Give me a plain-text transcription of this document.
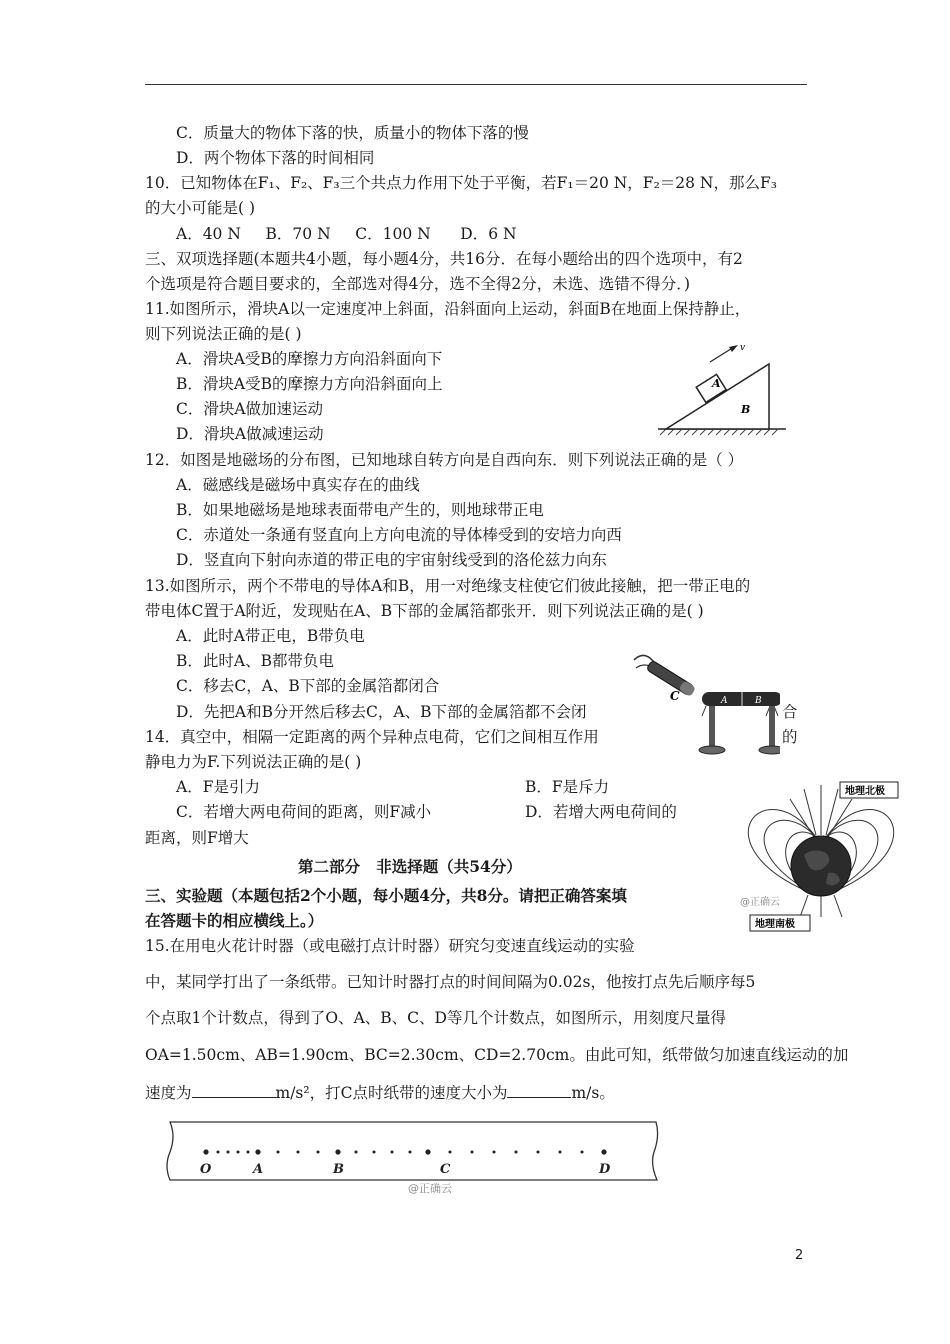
C．质量大的物体下落的快，质量小的物体下落的慢
D．两个物体下落的时间相同
10．已知物体在F₁、F₂、F₃三个共点力作用下处于平衡，若F₁＝20 N，F₂＝28 N，那么F₃
的大小可能是( )
A．40 N     B．70 N     C．100 N      D．6 N
三、双项选择题(本题共4小题，每小题4分，共16分．在每小题给出的四个选项中，有2
个选项是符合题目要求的，全部选对得4分，选不全得2分，未选、选错不得分．)
11.如图所示，滑块A以一定速度冲上斜面，沿斜面向上运动，斜面B在地面上保持静止，
则下列说法正确的是( )
A．滑块A受B的摩擦力方向沿斜面向下
B．滑块A受B的摩擦力方向沿斜面向上
C．滑块A做加速运动
D．滑块A做减速运动
12．如图是地磁场的分布图，已知地球自转方向是自西向东．则下列说法正确的是（ ）
A．磁感线是磁场中真实存在的曲线
B．如果地磁场是地球表面带电产生的，则地球带正电
C．赤道处一条通有竖直向上方向电流的导体棒受到的安培力向西
D．竖直向下射向赤道的带正电的宇宙射线受到的洛伦兹力向东
13.如图所示，两个不带电的导体A和B，用一对绝缘支柱使它们彼此接触，把一带正电的
带电体C置于A附近，发现贴在A、B下部的金属箔都张开．则下列说法正确的是( )
A．此时A带正电，B带负电
B．此时A、B都带负电
C．移去C，A、B下部的金属箔都闭合
D．先把A和B分开然后移去C，A、B下部的金属箔都不会闭	合
14．真空中，相隔一定距离的两个异种点电荷，它们之间相互作用	的
静电力为F.下列说法正确的是( )
A．F是引力	B．F是斥力
C．若增大两电荷间的距离，则F减小	D．若增大两电荷间的
距离，则F增大
第二部分   非选择题（共54分）
三、实验题（本题包括2个小题，每小题4分，共8分。请把正确答案填
在答题卡的相应横线上。）
15.在用电火花计时器（或电磁打点计时器）研究匀变速直线运动的实验
中，某同学打出了一条纸带。已知计时器打点的时间间隔为0.02s，他按打点先后顺序每5
个点取1个计数点，得到了O、A、B、C、D等几个计数点，如图所示，用刻度尺量得
OA=1.50cm、AB=1.90cm、BC=2.30cm、CD=2.70cm。由此可知，纸带做匀加速直线运动的加
速度为	m/s²，打C点时纸带的速度大小为	m/s。
v
A
B
C	A	B
地理北极
地理南极
@正确云
O	A	B	C	D
@正确云
2
